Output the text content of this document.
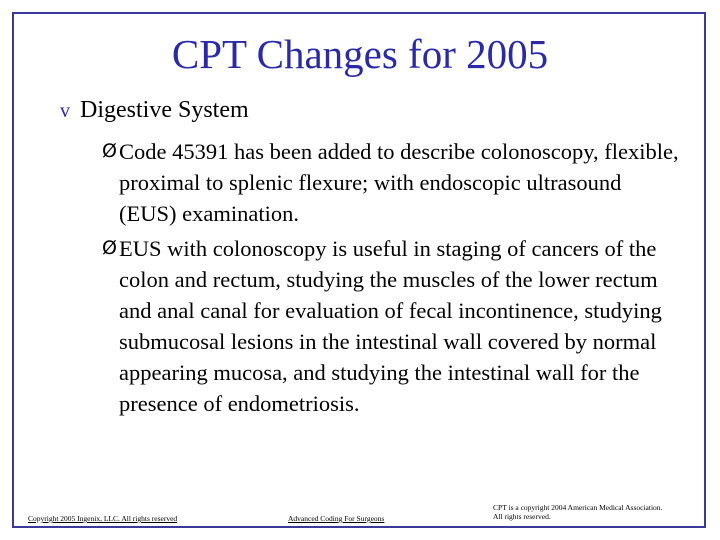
CPT Changes for 2005
v Digestive System
Ø Code 45391 has been added to describe colonoscopy, flexible, proximal to splenic flexure; with endoscopic ultrasound (EUS) examination.
Ø EUS with colonoscopy is useful in staging of cancers of the colon and rectum, studying the muscles of the lower rectum and anal canal for evaluation of fecal incontinence, studying submucosal lesions in the intestinal wall covered by normal appearing mucosa, and studying the intestinal wall for the presence of endometriosis.
Copyright 2005 Ingenix, LLC. All rights reserved	Advanced Coding For Surgeons
CPT is a copyright 2004 American Medical Association.
All rights reserved.
